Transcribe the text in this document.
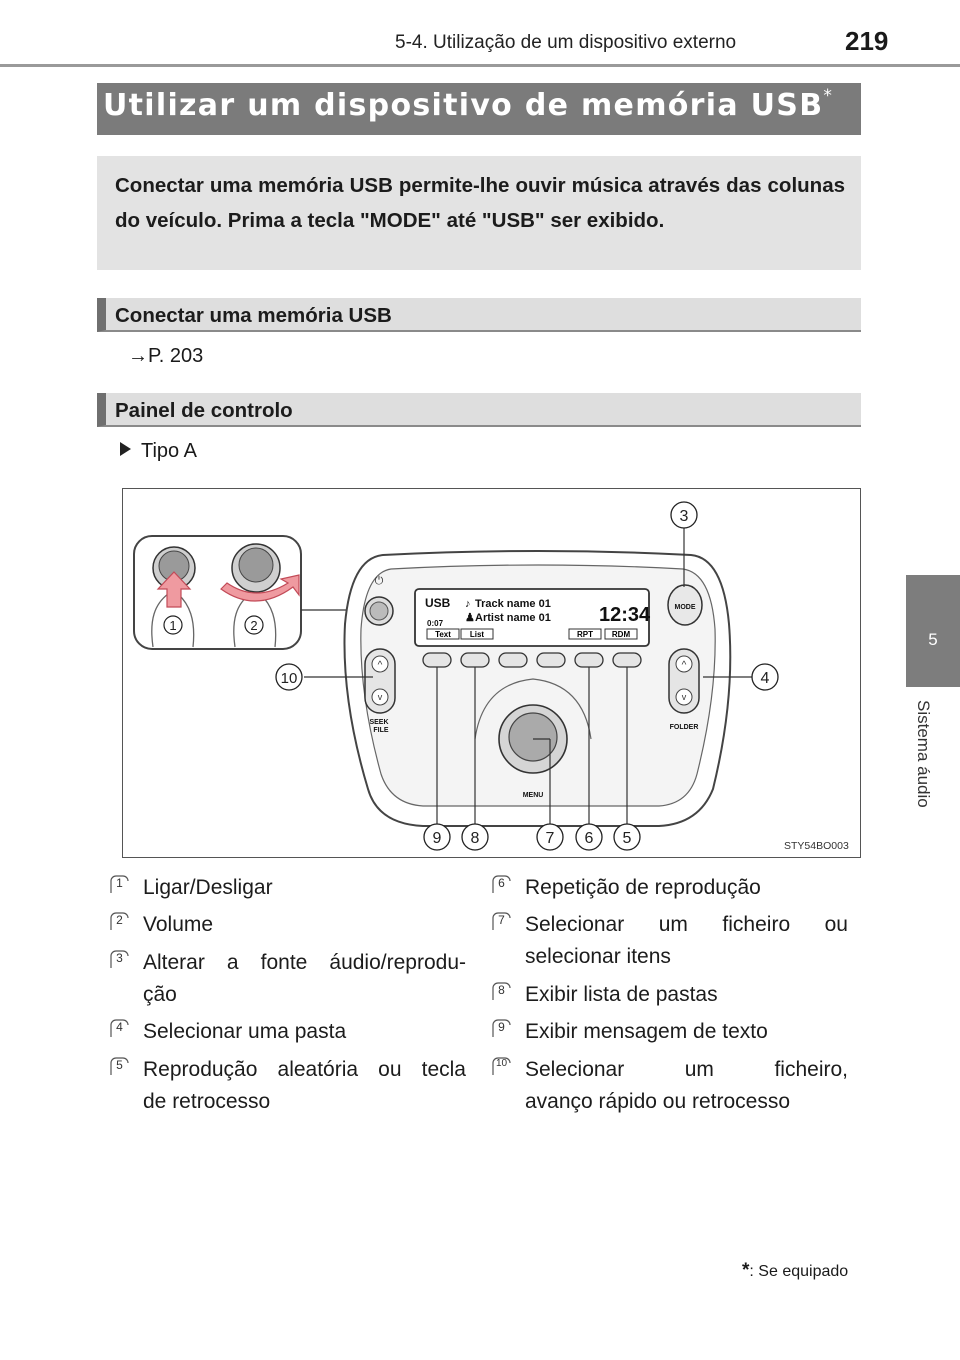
5-4. Utilização de um dispositivo externo	219
5
Sistema áudio
Utilizar um dispositivo de memória USB*
Conectar uma memória USB permite-lhe ouvir música através das colunas do veículo. Prima a tecla "MODE" até "USB" ser exibido.
Conectar uma memória USB
→P. 203
Painel de controlo
Tipo A
1	2
⏻
USB ♪ Track name 01
♟ Artist name 01 12:34
0:07
Text List	RPT RDM
MODE
^
v
SEEK
FILE
^
v
FOLDER
MENU
3
10	4
9 8	7 6 5	STY54BO003
1 Ligar/Desligar
2 Volume
3 Alterar a fonte áudio/reprodu-
ção
4 Selecionar uma pasta
5 Reprodução aleatória ou tecla
de retrocesso
6 Repetição de reprodução
7 Selecionar um ficheiro ou
selecionar itens
8 Exibir lista de pastas
9 Exibir mensagem de texto
10 Selecionar um ficheiro,
avanço rápido ou retrocesso
*: Se equipado
